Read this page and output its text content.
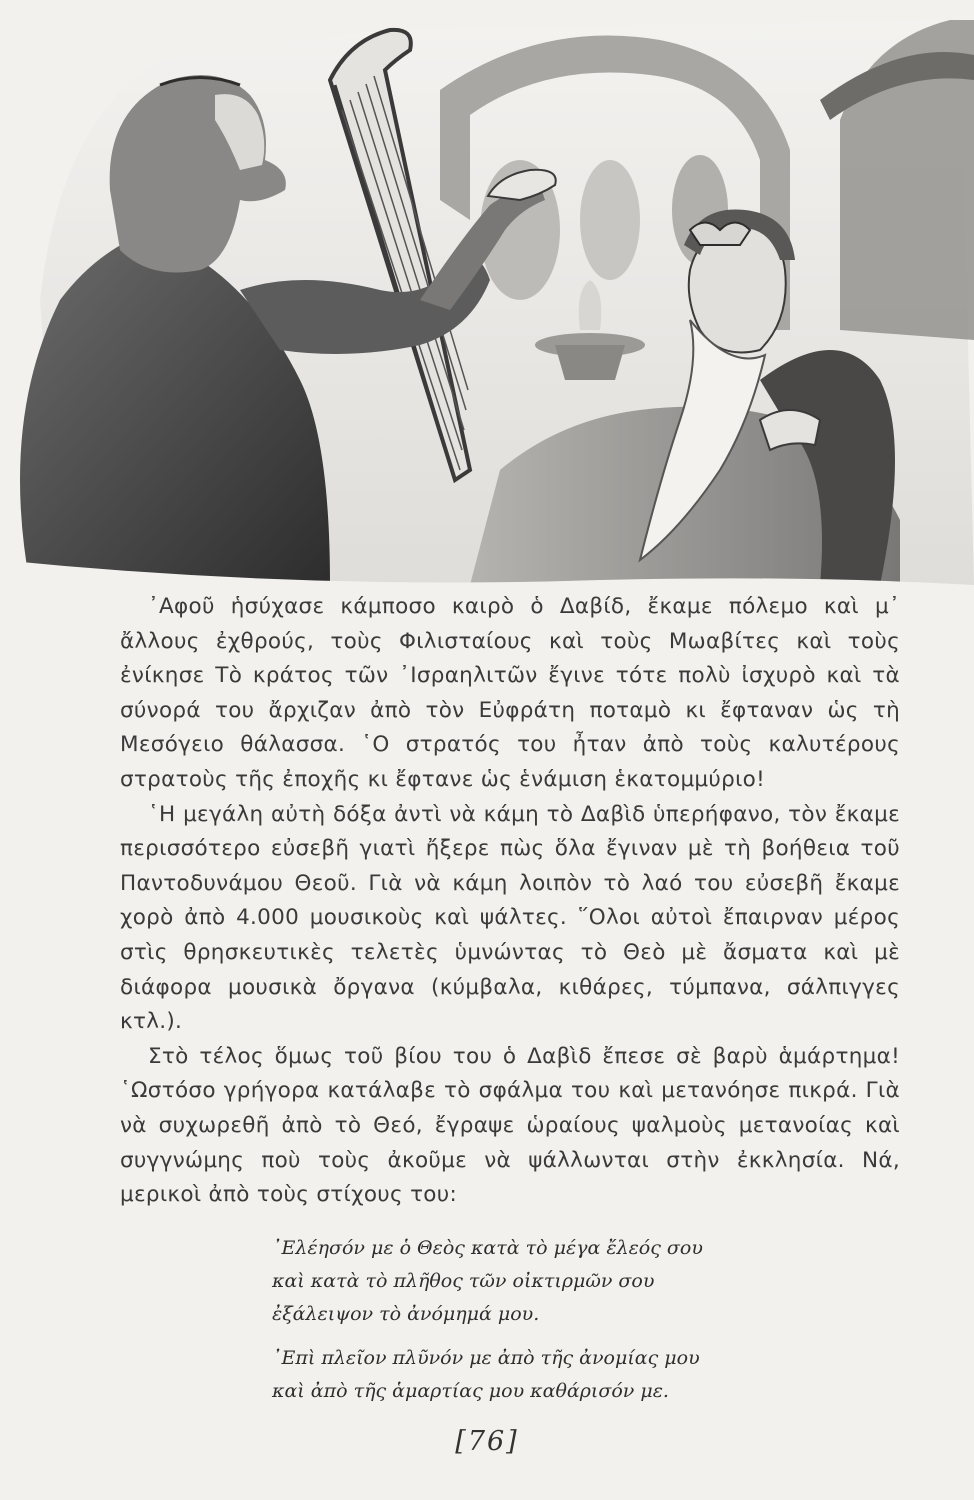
᾿Αφοῦ ἡσύχασε κάμποσο καιρὸ ὁ Δαβίδ, ἔκαμε πόλεμο καὶ μ᾿ ἄλλους ἐχθρούς, τοὺς Φιλισταίους καὶ τοὺς Μωαβίτες καὶ τοὺς ἐνίκησε Τὸ κράτος τῶν ᾿Ισραηλιτῶν ἔγινε τότε πολὺ ἰσχυρὸ καὶ τὰ σύνορά του ἄρχιζαν ἀπὸ τὸν Εὐφράτη ποταμὸ κι ἔφταναν ὡς τὴ Μεσόγειο θάλασσα. ῾Ο στρατός του ἦταν ἀπὸ τοὺς καλυτέρους στρατοὺς τῆς ἐποχῆς κι ἔφτανε ὡς ἑνάμιση ἑκατομμύριο!

῾Η μεγάλη αὐτὴ δόξα ἀντὶ νὰ κάμη τὸ Δαβὶδ ὑπερήφανο, τὸν ἔκαμε περισσότερο εὐσεβῆ γιατὶ ἤξερε πὼς ὅλα ἔγιναν μὲ τὴ βοήθεια τοῦ Παντοδυνάμου Θεοῦ. Γιὰ νὰ κάμη λοιπὸν τὸ λαό του εὐσεβῆ ἔκαμε χορὸ ἀπὸ 4.000 μουσικοὺς καὶ ψάλτες. ῞Ολοι αὐτοὶ ἔπαιρναν μέρος στὶς θρησκευτικὲς τελετὲς ὑμνώντας τὸ Θεὸ μὲ ἄσματα καὶ μὲ διάφορα μουσικὰ ὄργανα (κύμβαλα, κιθάρες, τύμπανα, σάλπιγγες κτλ.).

Στὸ τέλος ὅμως τοῦ βίου του ὁ Δαβὶδ ἔπεσε σὲ βαρὺ ἁμάρτημα! ῾Ωστόσο γρήγορα κατάλαβε τὸ σφάλμα του καὶ μετανόησε πικρά. Γιὰ νὰ συχωρεθῆ ἀπὸ τὸ Θεό, ἔγραψε ὡραίους ψαλμοὺς μετανοίας καὶ συγγνώμης ποὺ τοὺς ἀκοῦμε νὰ ψάλλωνται στὴν ἐκκλησία. Νά, μερικοὶ ἀπὸ τοὺς στίχους του:

᾿Ελέησόν με ὁ Θεὸς κατὰ τὸ μέγα ἔλεός σου
καὶ κατὰ τὸ πλῆθος τῶν οἰκτιρμῶν σου
ἐξάλειψον τὸ ἀνόμημά μου.
᾿Επὶ πλεῖον πλῦνόν με ἀπὸ τῆς ἀνομίας μου
καὶ ἀπὸ τῆς ἁμαρτίας μου καθάρισόν με.
[76]
